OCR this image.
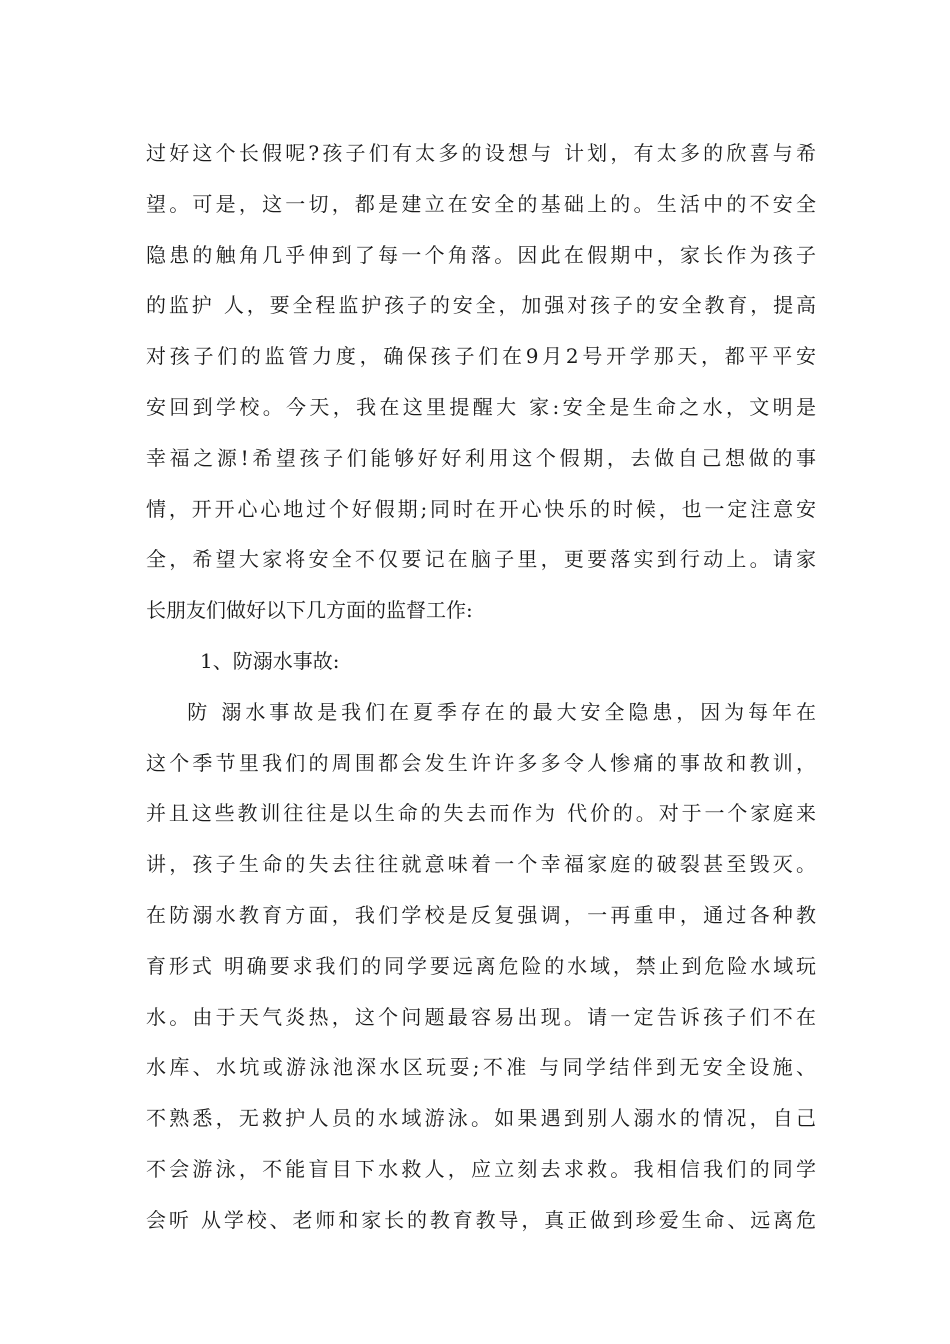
过好这个长假呢?孩子们有太多的设想与 计划，有太多的欣喜与希
望。可是，这一切，都是建立在安全的基础上的。生活中的不安全
隐患的触角几乎伸到了每一个角落。因此在假期中，家长作为孩子
的监护 人，要全程监护孩子的安全，加强对孩子的安全教育，提高
对孩子们的监管力度，确保孩子们在9月2号开学那天，都平平安
安回到学校。今天，我在这里提醒大 家:安全是生命之水，文明是
幸福之源!希望孩子们能够好好利用这个假期，去做自己想做的事
情，开开心心地过个好假期;同时在开心快乐的时候，也一定注意安
全，希望大家将安全不仅要记在脑子里，更要落实到行动上。请家
长朋友们做好以下几方面的监督工作:
1、防溺水事故:
防 溺水事故是我们在夏季存在的最大安全隐患，因为每年在
这个季节里我们的周围都会发生许许多多令人惨痛的事故和教训，
并且这些教训往往是以生命的失去而作为 代价的。对于一个家庭来
讲，孩子生命的失去往往就意味着一个幸福家庭的破裂甚至毁灭。
在防溺水教育方面，我们学校是反复强调，一再重申，通过各种教
育形式 明确要求我们的同学要远离危险的水域，禁止到危险水域玩
水。由于天气炎热，这个问题最容易出现。请一定告诉孩子们不在
水库、水坑或游泳池深水区玩耍;不准 与同学结伴到无安全设施、
不熟悉，无救护人员的水域游泳。如果遇到别人溺水的情况，自己
不会游泳，不能盲目下水救人，应立刻去求救。我相信我们的同学
会听 从学校、老师和家长的教育教导，真正做到珍爱生命、远离危
